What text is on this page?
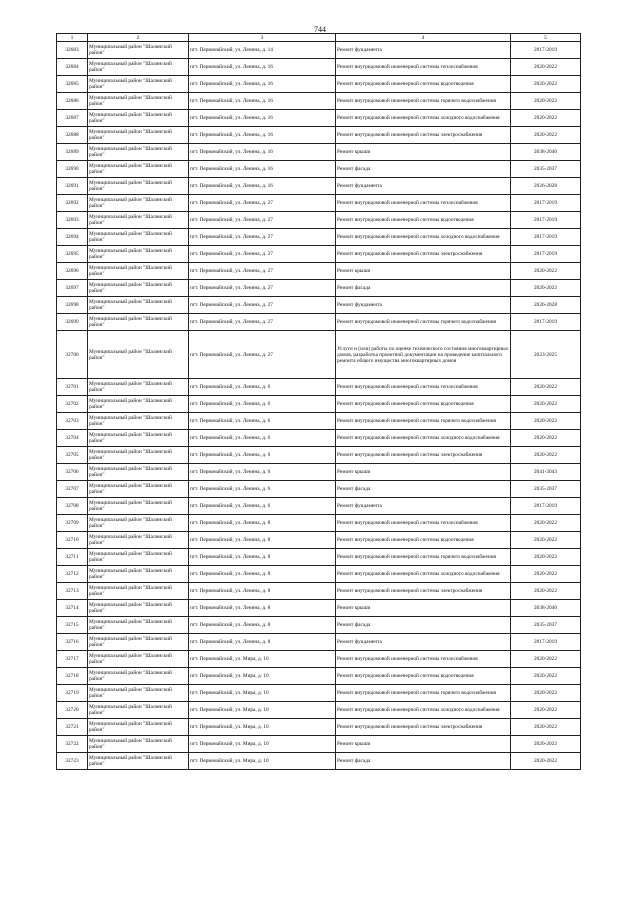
744
1	2	3	4	5
32683	Муниципальный район "Шалинский район"	пгт. Первомайский, ул. Ленина, д. 14	Ремонт фундамента	2017-2019
32684	Муниципальный район "Шалинский район"	пгт. Первомайский, ул. Ленина, д. 16	Ремонт внутридомовой инженерной системы теплоснабжения	2020-2022
32685	Муниципальный район "Шалинский район"	пгт. Первомайский, ул. Ленина, д. 16	Ремонт внутридомовой инженерной системы водоотведения	2020-2022
32686	Муниципальный район "Шалинский район"	пгт. Первомайский, ул. Ленина, д. 16	Ремонт внутридомовой инженерной системы горячего водоснабжения	2020-2022
32687	Муниципальный район "Шалинский район"	пгт. Первомайский, ул. Ленина, д. 16	Ремонт внутридомовой инженерной системы холодного водоснабжения	2020-2022
32688	Муниципальный район "Шалинский район"	пгт. Первомайский, ул. Ленина, д. 16	Ремонт внутридомовой инженерной системы электроснабжения	2020-2022
32689	Муниципальный район "Шалинский район"	пгт. Первомайский, ул. Ленина, д. 16	Ремонт крыши	2038-2040
32690	Муниципальный район "Шалинский район"	пгт. Первомайский, ул. Ленина, д. 16	Ремонт фасада	2035-2037
32691	Муниципальный район "Шалинский район"	пгт. Первомайский, ул. Ленина, д. 16	Ремонт фундамента	2026-2028
32692	Муниципальный район "Шалинский район"	пгт. Первомайский, ул. Ленина, д. 27	Ремонт внутридомовой инженерной системы теплоснабжения	2017-2019
32693	Муниципальный район "Шалинский район"	пгт. Первомайский, ул. Ленина, д. 27	Ремонт внутридомовой инженерной системы водоотведения	2017-2019
32694	Муниципальный район "Шалинский район"	пгт. Первомайский, ул. Ленина, д. 27	Ремонт внутридомовой инженерной системы холодного водоснабжения	2017-2019
32695	Муниципальный район "Шалинский район"	пгт. Первомайский, ул. Ленина, д. 27	Ремонт внутридомовой инженерной системы электроснабжения	2017-2019
32696	Муниципальный район "Шалинский район"	пгт. Первомайский, ул. Ленина, д. 27	Ремонт крыши	2020-2022
32697	Муниципальный район "Шалинский район"	пгт. Первомайский, ул. Ленина, д. 27	Ремонт фасада	2020-2022
32698	Муниципальный район "Шалинский район"	пгт. Первомайский, ул. Ленина, д. 27	Ремонт фундамента	2026-2028
32699	Муниципальный район "Шалинский район"	пгт. Первомайский, ул. Ленина, д. 27	Ремонт внутридомовой инженерной системы горячего водоснабжения	2017-2019
32700	Муниципальный район "Шалинский район"	пгт. Первомайский, ул. Ленина, д. 27	Услуги и (или) работы по оценке технического состояния многоквартирных домов, разработка проектной документации на проведение капитального ремонта общего имущества многоквартирных домов	2023-2025
32701	Муниципальный район "Шалинский район"	пгт. Первомайский, ул. Ленина, д. 6	Ремонт внутридомовой инженерной системы теплоснабжения	2020-2022
32702	Муниципальный район "Шалинский район"	пгт. Первомайский, ул. Ленина, д. 6	Ремонт внутридомовой инженерной системы водоотведения	2020-2022
32703	Муниципальный район "Шалинский район"	пгт. Первомайский, ул. Ленина, д. 6	Ремонт внутридомовой инженерной системы горячего водоснабжения	2020-2022
32704	Муниципальный район "Шалинский район"	пгт. Первомайский, ул. Ленина, д. 6	Ремонт внутридомовой инженерной системы холодного водоснабжения	2020-2022
32705	Муниципальный район "Шалинский район"	пгт. Первомайский, ул. Ленина, д. 6	Ремонт внутридомовой инженерной системы электроснабжения	2020-2022
32706	Муниципальный район "Шалинский район"	пгт. Первомайский, ул. Ленина, д. 6	Ремонт крыши	2041-2043
32707	Муниципальный район "Шалинский район"	пгт. Первомайский, ул. Ленина, д. 6	Ремонт фасада	2035-2037
32708	Муниципальный район "Шалинский район"	пгт. Первомайский, ул. Ленина, д. 6	Ремонт фундамента	2017-2019
32709	Муниципальный район "Шалинский район"	пгт. Первомайский, ул. Ленина, д. 8	Ремонт внутридомовой инженерной системы теплоснабжения	2020-2022
32710	Муниципальный район "Шалинский район"	пгт. Первомайский, ул. Ленина, д. 8	Ремонт внутридомовой инженерной системы водоотведения	2020-2022
32711	Муниципальный район "Шалинский район"	пгт. Первомайский, ул. Ленина, д. 8	Ремонт внутридомовой инженерной системы горячего водоснабжения	2020-2022
32712	Муниципальный район "Шалинский район"	пгт. Первомайский, ул. Ленина, д. 8	Ремонт внутридомовой инженерной системы холодного водоснабжения	2020-2022
32713	Муниципальный район "Шалинский район"	пгт. Первомайский, ул. Ленина, д. 8	Ремонт внутридомовой инженерной системы электроснабжения	2020-2022
32714	Муниципальный район "Шалинский район"	пгт. Первомайский, ул. Ленина, д. 8	Ремонт крыши	2038-2040
32715	Муниципальный район "Шалинский район"	пгт. Первомайский, ул. Ленина, д. 8	Ремонт фасада	2035-2037
32716	Муниципальный район "Шалинский район"	пгт. Первомайский, ул. Ленина, д. 8	Ремонт фундамента	2017-2019
32717	Муниципальный район "Шалинский район"	пгт. Первомайский, ул. Мира, д. 10	Ремонт внутридомовой инженерной системы теплоснабжения	2020-2022
32718	Муниципальный район "Шалинский район"	пгт. Первомайский, ул. Мира, д. 10	Ремонт внутридомовой инженерной системы водоотведения	2020-2022
32719	Муниципальный район "Шалинский район"	пгт. Первомайский, ул. Мира, д. 10	Ремонт внутридомовой инженерной системы горячего водоснабжения	2020-2022
32720	Муниципальный район "Шалинский район"	пгт. Первомайский, ул. Мира, д. 10	Ремонт внутридомовой инженерной системы холодного водоснабжения	2020-2022
32721	Муниципальный район "Шалинский район"	пгт. Первомайский, ул. Мира, д. 10	Ремонт внутридомовой инженерной системы электроснабжения	2020-2022
32722	Муниципальный район "Шалинский район"	пгт. Первомайский, ул. Мира, д. 10	Ремонт крыши	2020-2022
32723	Муниципальный район "Шалинский район"	пгт. Первомайский, ул. Мира, д. 10	Ремонт фасада	2020-2022
